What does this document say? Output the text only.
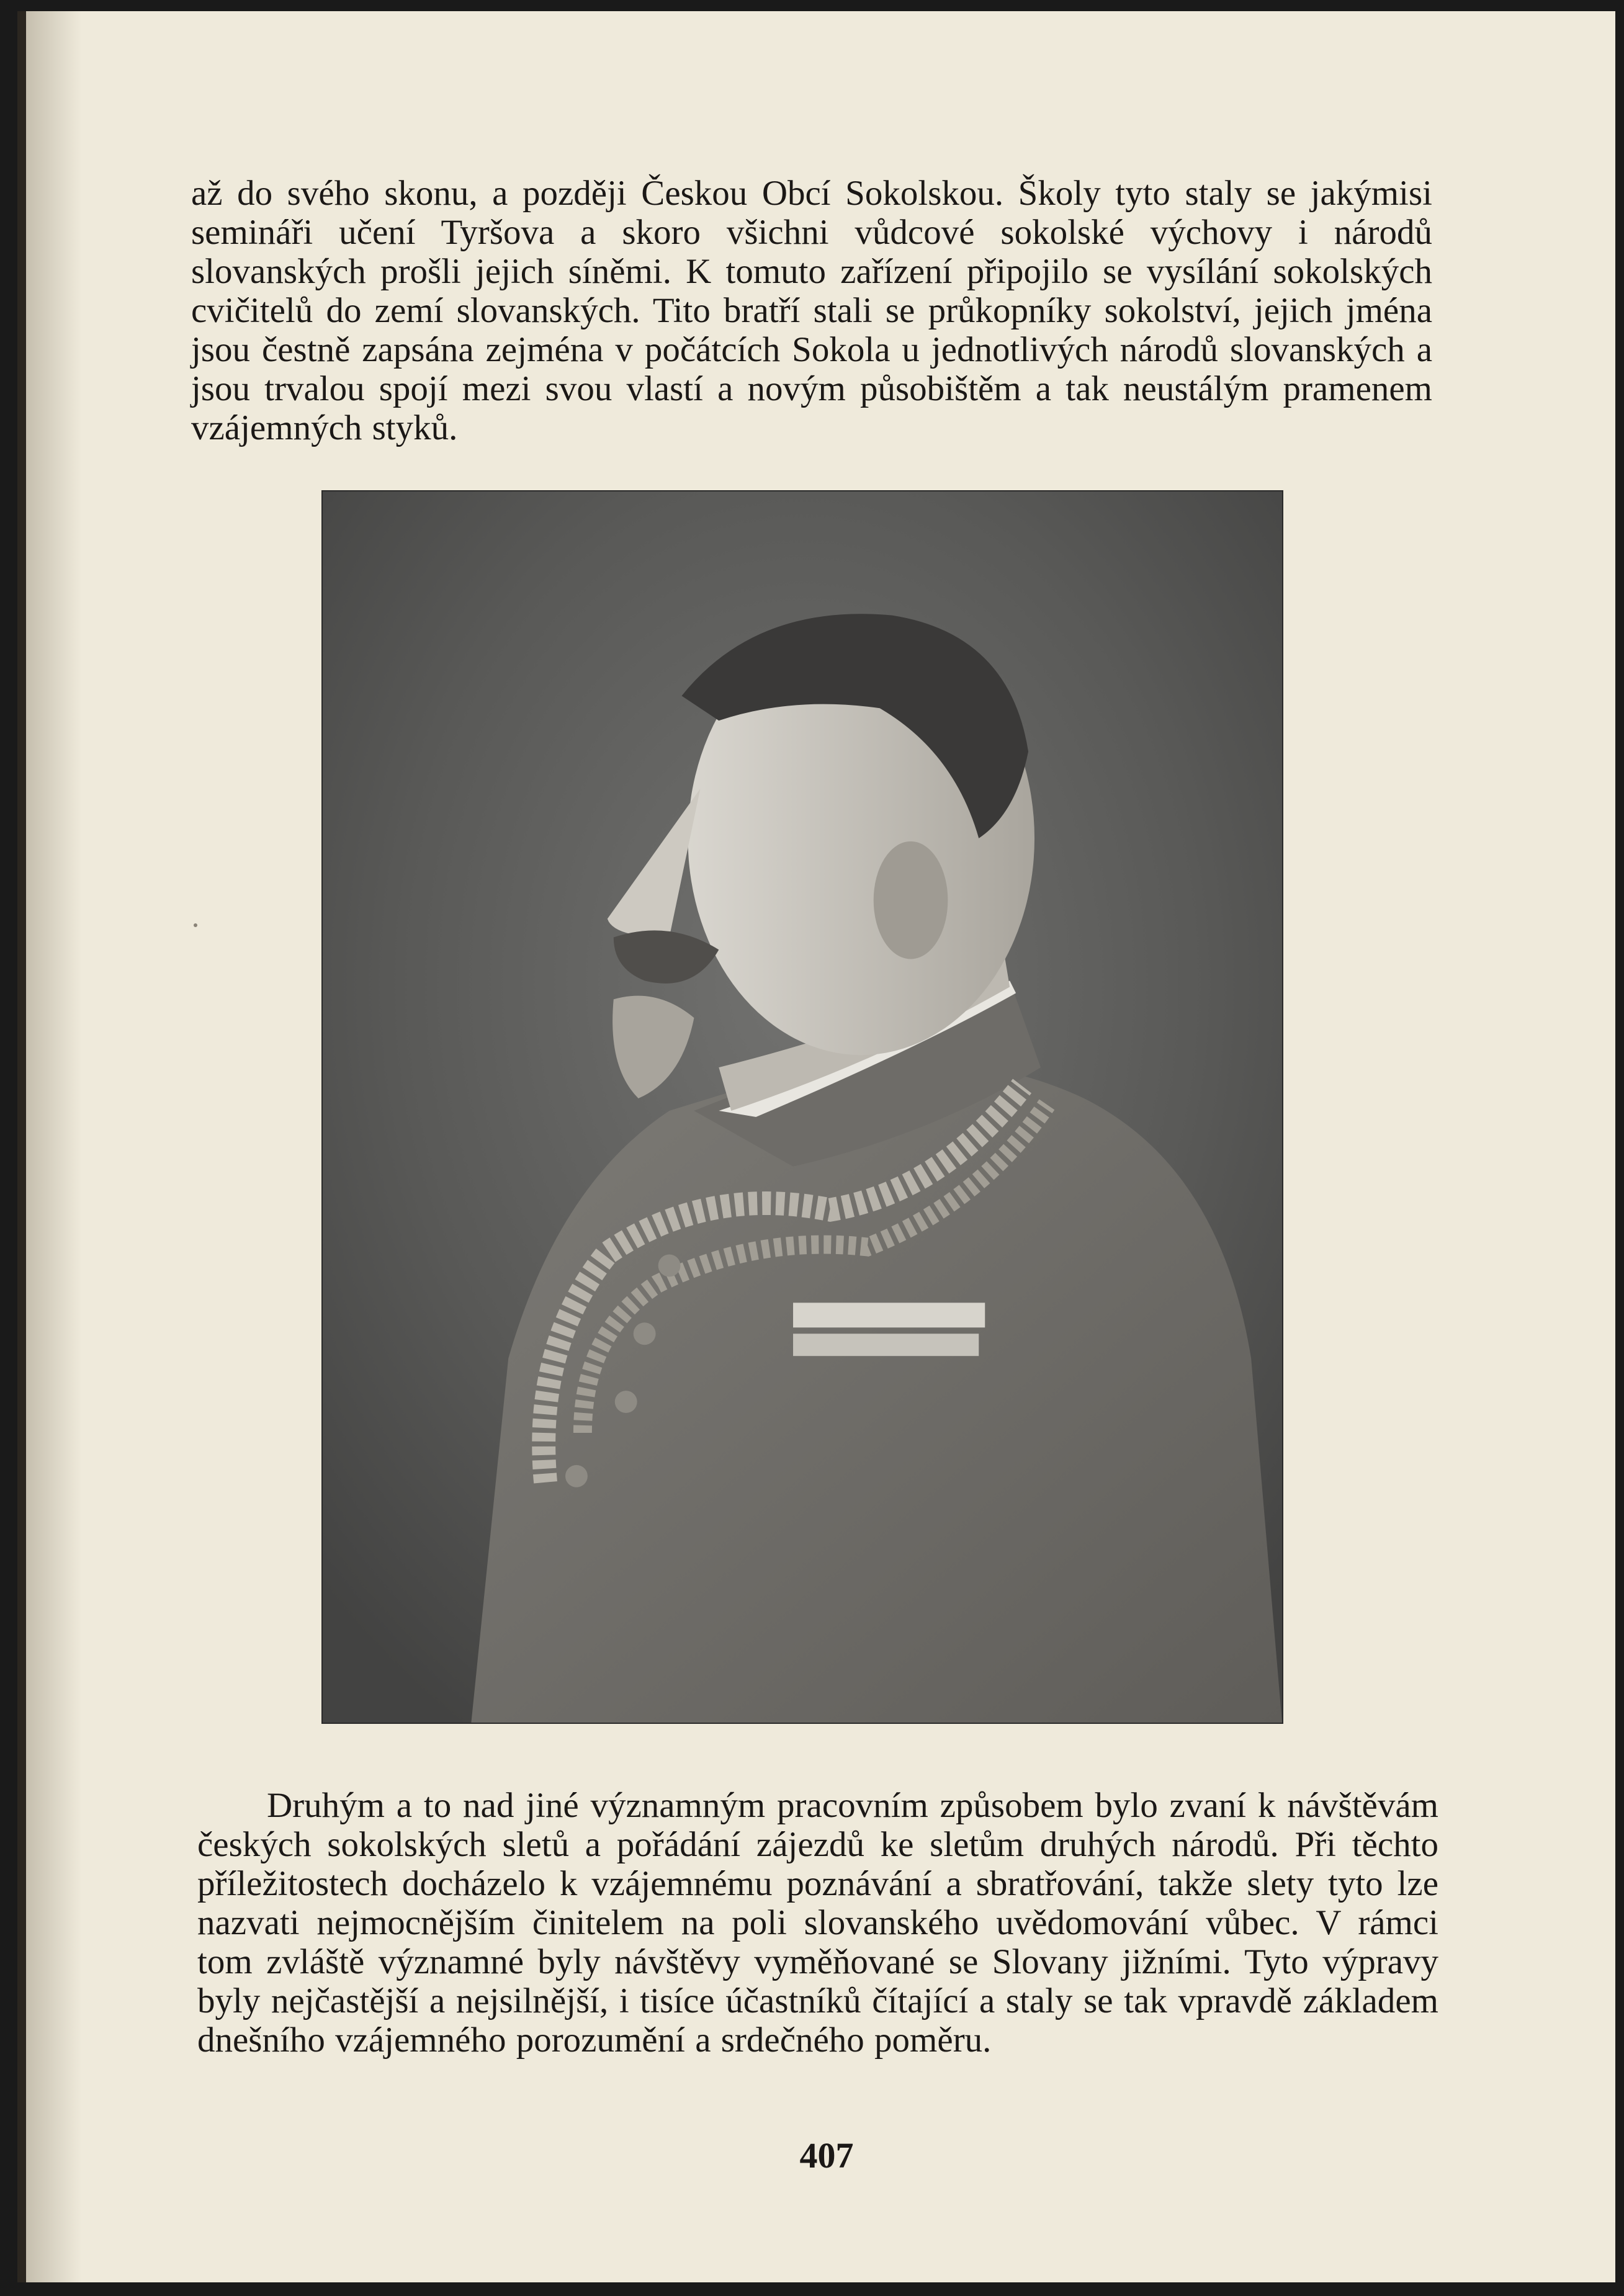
až do svého skonu, a později Českou Obcí Sokolskou. Školy tyto staly se jakýmisi semináři učení Tyršova a skoro všichni vůdcové sokolské výchovy i národů slovanských prošli jejich síněmi. K tomuto zařízení připojilo se vysílání sokolských cvičitelů do zemí slovanských. Tito bratří stali se průkopníky sokolství, jejich jména jsou čestně zapsána zejména v počátcích Sokola u jednotlivých národů slovanských a jsou trvalou spojí mezi svou vlastí a novým působištěm a tak neustálým pramenem vzájemných styků.

Druhým a to nad jiné významným pracovním způsobem bylo zvaní k návštěvám českých sokolských sletů a pořádání zájezdů ke sletům druhých národů. Při těchto příležitostech docházelo k vzájemnému poznávání a sbratřování, takže slety tyto lze nazvati nejmocnějším činitelem na poli slovanského uvědomování vůbec. V rámci tom zvláště významné byly návštěvy vyměňované se Slovany jižními. Tyto výpravy byly nejčastější a nejsilnější, i tisíce účastníků čítající a staly se tak vpravdě základem dnešního vzájemného porozumění a srdečného poměru.

407
